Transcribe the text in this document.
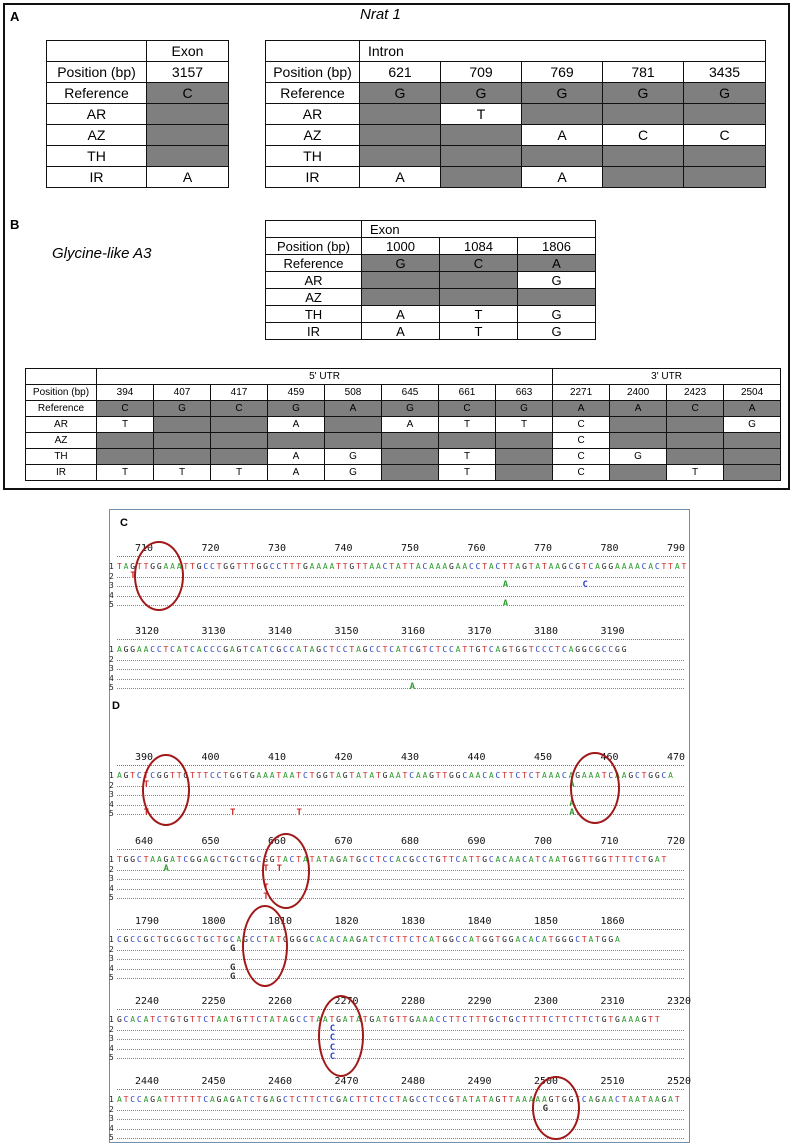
A	Nrat 1
	Exon
Position (bp)	3157
Reference	C
AR	
AZ	
TH	
IR	A
	Intron				
Position (bp)	621	709	769	781	3435
Reference	G	G	G	G	G
AR		T			
AZ			A	C	C
TH					
IR	A		A		
B
Glycine-like A3
	Exon		
Position (bp)	1000	1084	1806
Reference	G	C	A
AR			G
AZ			
TH	A	T	G
IR	A	T	G
	5' UTR								3' UTR			
Position (bp)	394	407	417	459	508	645	661	663	2271	2400	2423	2504
Reference	C	G	C	G	A	G	C	G	A	A	C	A
AR	T			A		A	T	T	C			G
AZ									C			
TH				A	G		T		C	G		
IR	T	T	T	A	G		T		C		T	
C
D
710	720	730	740	750	760	770	780	790
1 T A G T T G G A A A T T G C C T G G T T T G G C C T T T G A A A A T T G T T A A C T A T T A C A A A G A A C C T A C T T A G T A T A A G C G T C A G G A A A A C A C T T A T
2 T
3	A	C
4
5	A
3120	3130	3140	3150	3160	3170	3180	3190
1 A G G A A C C T C A T C A C C C G A G T C A T C G C C A T A G C T C C T A G C C T C A T C G T C T C C A T T G T C A G T G G T C C C T C A G G C G C C G G
2
3
4
5	A
390	400	410	420	430	440	450	460	470
1 A G T C T C G G T T G T T T C C T G G T G A A A T A A T C T G G T A G T A T A T G A A T C A A G T T G G C A A C A C T T C T C T A A A C A G A A A T C A A G C T G G C A
2	T	A
3
4	A
5	T	T	T	A
640	650	660	670	680	690	700	710	720
1 T G G C T A A G A T C G G A G C T G C T G C G G T A C T A T A T A G A T G C C T C C A C G C C T G T T C A T T G C A C A A C A T C A A T G G T T G G T T T T C T G A T
2	A	T T
3
4	T
5	T
1790	1800	1810	1820	1830	1840	1850	1860
1 C G C C G C T G C G G C T G C T G C A G C C T A T G G G G C A C A C A A G A T C T C T T C T C A T G G C C A T G G T G G A C A C A T G G G C T A T G G A
2	G
3
4	G
5	G
2240	2250	2260	2270	2280	2290	2300	2310	2320
1 G C A C A T C T G T G T T C T A A T G T T C T A T A G C C T A A T G A T A T G A T G T T G A A A C C T T C T T T G C T G C T T T T C T T C T T C T G T G A A A G T T
2	C
3	C
4	C
5	C
2440	2450	2460	2470	2480	2490	2500	2510	2520
1 A T C C A G A T T T T T T C A G A G A T C T G A G C T C T T C T C G A C T T C T C C T A G C C T C C G T A T A T A G T T A A A A A G T G G T C A G A A C T A A T A A G A T
2	G
3
4
5
